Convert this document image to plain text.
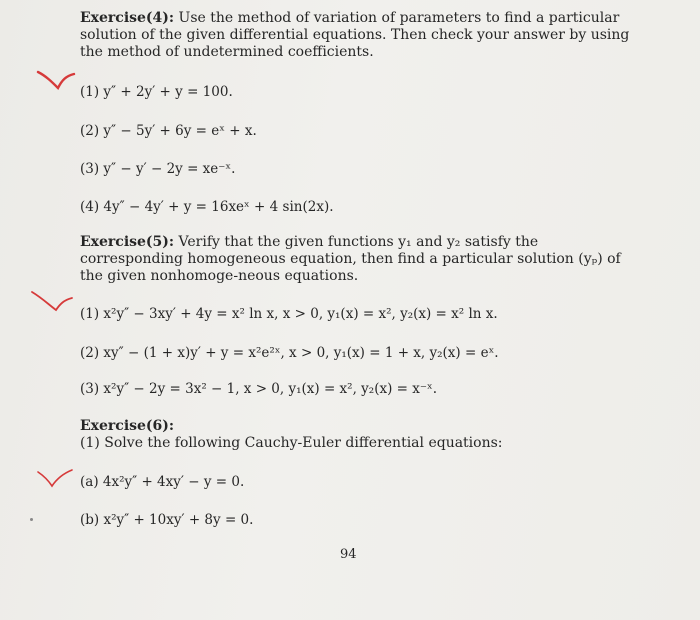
Exercise(4): Use the method of variation of parameters to find a particular solution of the given differential equations. Then check your answer by using the method of undetermined coefficients.
(1) y″ + 2y′ + y = 100.
(2) y″ − 5y′ + 6y = eˣ + x.
(3) y″ − y′ − 2y = xe⁻ˣ.
(4) 4y″ − 4y′ + y = 16xeˣ + 4 sin(2x).
Exercise(5): Verify that the given functions y₁ and y₂ satisfy the corresponding homogeneous equation, then find a particular solution (yₚ) of the given nonhomoge-neous equations.
(1) x²y″ − 3xy′ + 4y = x² ln x, x > 0, y₁(x) = x², y₂(x) = x² ln x.
(2) xy″ − (1 + x)y′ + y = x²e²ˣ, x > 0, y₁(x) = 1 + x, y₂(x) = eˣ.
(3) x²y″ − 2y = 3x² − 1, x > 0, y₁(x) = x², y₂(x) = x⁻ˣ.
Exercise(6):
(1) Solve the following Cauchy-Euler differential equations:
(a) 4x²y″ + 4xy′ − y = 0.
(b) x²y″ + 10xy′ + 8y = 0.
94
